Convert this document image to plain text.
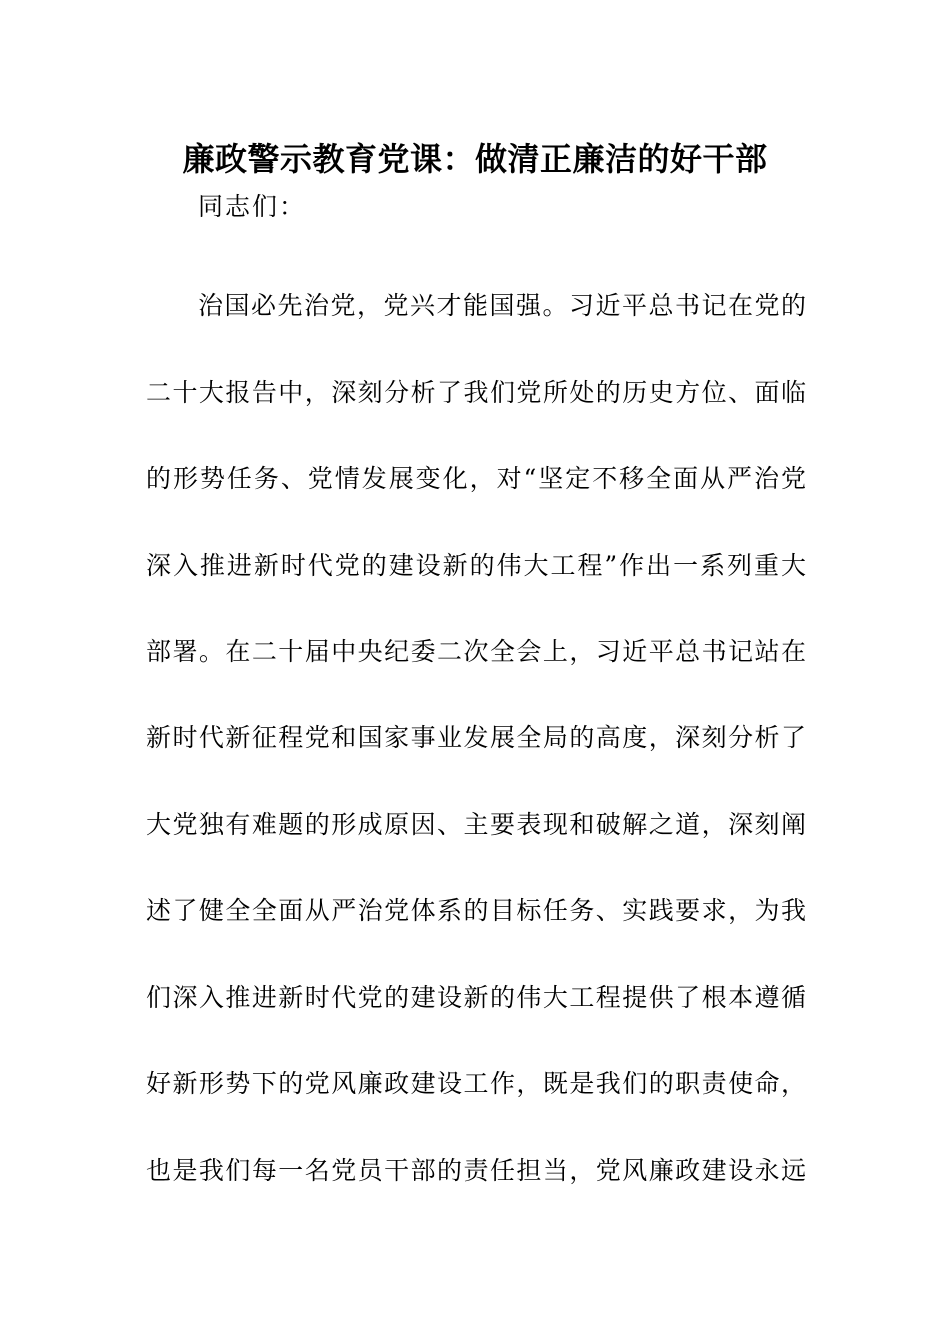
廉政警示教育党课：做清正廉洁的好干部
同志们：
治国必先治党，党兴才能国强。习近平总书记在党的
二十大报告中，深刻分析了我们党所处的历史方位、面临
的形势任务、党情发展变化，对“坚定不移全面从严治党
深入推进新时代党的建设新的伟大工程”作出一系列重大
部署。在二十届中央纪委二次全会上，习近平总书记站在
新时代新征程党和国家事业发展全局的高度，深刻分析了
大党独有难题的形成原因、主要表现和破解之道，深刻阐
述了健全全面从严治党体系的目标任务、实践要求，为我
们深入推进新时代党的建设新的伟大工程提供了根本遵循
好新形势下的党风廉政建设工作，既是我们的职责使命，
也是我们每一名党员干部的责任担当，党风廉政建设永远
